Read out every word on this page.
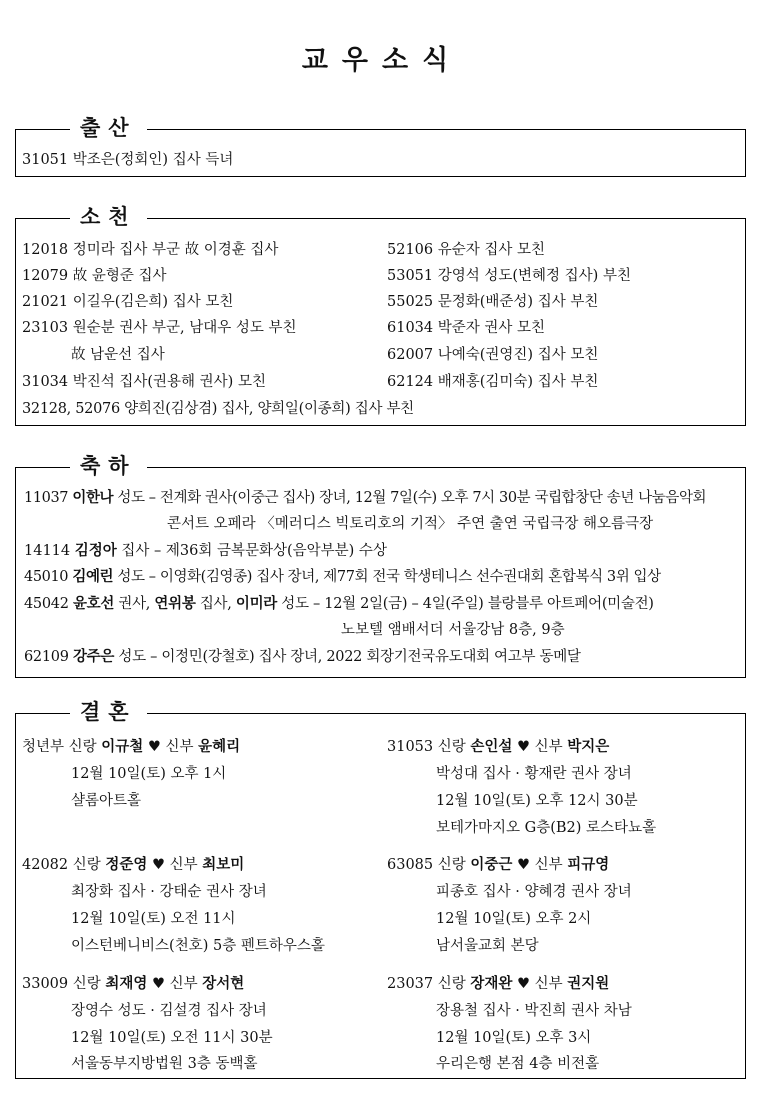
교우소식
출산
31051 박조은(정회인) 집사 득녀
소천
12018 정미라 집사 부군 故 이경훈 집사
12079 故 윤형준 집사
21021 이길우(김은희) 집사 모친
23103 원순분 권사 부군, 남대우 성도 부친
故 남운선 집사
31034 박진석 집사(권용해 권사) 모친
52106 유순자 집사 모친
53051 강영석 성도(변혜정 집사) 부친
55025 문정화(배준성) 집사 부친
61034 박준자 권사 모친
62007 나예숙(권영진) 집사 모친
62124 배재홍(김미숙) 집사 부친
32128, 52076 양희진(김상겸) 집사, 양희일(이종희) 집사 부친
축하
11037 이한나 성도 – 전계화 권사(이중근 집사) 장녀, 12월 7일(수) 오후 7시 30분 국립합창단 송년 나눔음악회
콘서트 오페라 〈메러디스 빅토리호의 기적〉 주연 출연 국립극장 해오름극장
14114 김정아 집사 – 제36회 금복문화상(음악부분) 수상
45010 김예린 성도 – 이영화(김영종) 집사 장녀, 제77회 전국 학생테니스 선수권대회 혼합복식 3위 입상
45042 윤호선 권사, 연위봉 집사, 이미라 성도 – 12월 2일(금) – 4일(주일) 블랑블루 아트페어(미술전)
노보텔 앰배서더 서울강남 8층, 9층
62109 강주은 성도 – 이정민(강철호) 집사 장녀, 2022 회장기전국유도대회 여고부 동메달
결혼
청년부 신랑 이규철 ♥ 신부 윤혜리
12월 10일(토) 오후 1시
샬롬아트홀
31053 신랑 손인설 ♥ 신부 박지은
박성대 집사 · 황재란 권사 장녀
12월 10일(토) 오후 12시 30분
보테가마지오 G층(B2) 로스타뇨홀
42082 신랑 정준영 ♥ 신부 최보미
최장화 집사 · 강태순 권사 장녀
12월 10일(토) 오전 11시
이스턴베니비스(천호) 5층 펜트하우스홀
63085 신랑 이중근 ♥ 신부 피규영
피종호 집사 · 양혜경 권사 장녀
12월 10일(토) 오후 2시
남서울교회 본당
33009 신랑 최재영 ♥ 신부 장서현
장영수 성도 · 김설경 집사 장녀
12월 10일(토) 오전 11시 30분
서울동부지방법원 3층 동백홀
23037 신랑 장재완 ♥ 신부 권지원
장용철 집사 · 박진희 권사 차남
12월 10일(토) 오후 3시
우리은행 본점 4층 비전홀
